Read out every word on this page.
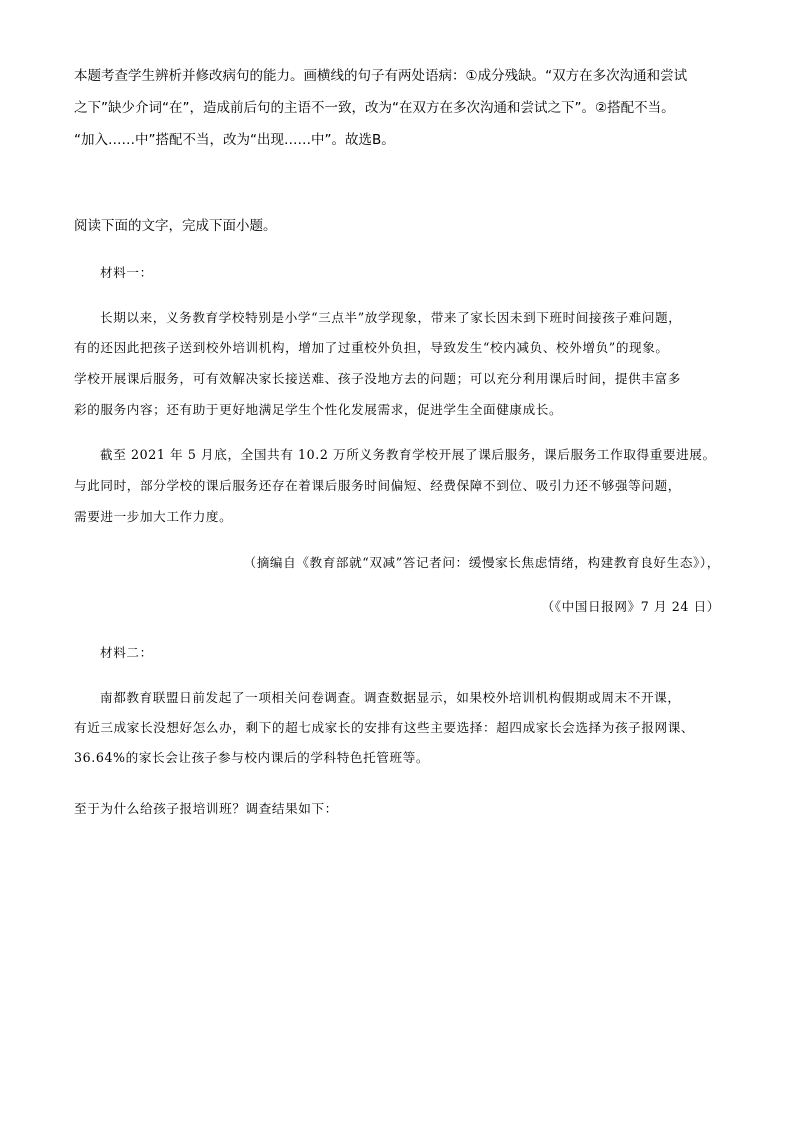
本题考查学生辨析并修改病句的能力。画横线的句子有两处语病：①成分残缺。“双方在多次沟通和尝试

之下”缺少介词“在”，造成前后句的主语不一致，改为“在双方在多次沟通和尝试之下”。②搭配不当。

“加入……中”搭配不当，改为“出现……中”。故选B。

阅读下面的文字，完成下面小题。

材料一：

长期以来，义务教育学校特别是小学“三点半”放学现象，带来了家长因未到下班时间接孩子难问题，

有的还因此把孩子送到校外培训机构，增加了过重校外负担，导致发生“校内减负、校外增负”的现象。

学校开展课后服务，可有效解决家长接送难、孩子没地方去的问题；可以充分利用课后时间，提供丰富多

彩的服务内容；还有助于更好地满足学生个性化发展需求，促进学生全面健康成长。

截至 2021 年 5 月底，全国共有 10.2 万所义务教育学校开展了课后服务，课后服务工作取得重要进展。

与此同时，部分学校的课后服务还存在着课后服务时间偏短、经费保障不到位、吸引力还不够强等问题，

需要进一步加大工作力度。

（摘编自《教育部就“双减”答记者问：缓慢家长焦虑情绪，构建教育良好生态》），

（《中国日报网》7 月 24 日）

材料二：

南都教育联盟日前发起了一项相关问卷调查。调查数据显示，如果校外培训机构假期或周末不开课，

有近三成家长没想好怎么办，剩下的超七成家长的安排有这些主要选择：超四成家长会选择为孩子报网课、

36.64%的家长会让孩子参与校内课后的学科特色托管班等。

至于为什么给孩子报培训班？调查结果如下：
